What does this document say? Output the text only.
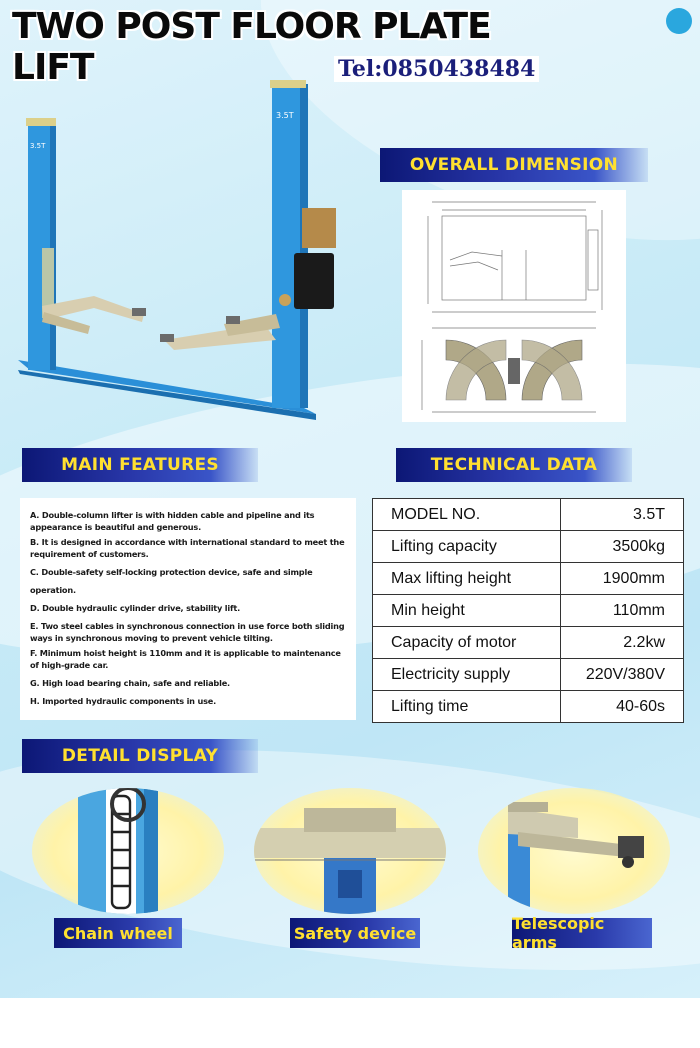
TWO POST FLOOR PLATE LIFT	Tel:0850438484
3.5T
3.5T
OVERALL DIMENSION
MAIN FEATURES	TECHNICAL DATA
A. Double-column lifter is with hidden cable and pipeline and its appearance is beautiful and generous.
B. It is designed in accordance with international standard to meet the requirement of customers.
C. Double-safety self-locking protection device, safe and simple operation.
D. Double hydraulic cylinder drive, stability lift.
E. Two steel cables in synchronous connection in use force both sliding ways in synchronous moving to prevent vehicle tilting.
F. Minimum hoist height is 110mm and it is applicable to maintenance of high-grade car.
G. High load bearing chain, safe and reliable.
H. Imported hydraulic components in use.
MODEL NO.	3.5T
Lifting capacity	3500kg
Max lifting height	1900mm
Min height	110mm
Capacity of motor	2.2kw
Electricity supply	220V/380V
Lifting time	40-60s
DETAIL DISPLAY
Chain wheel	Safety device	Telescopic arms
